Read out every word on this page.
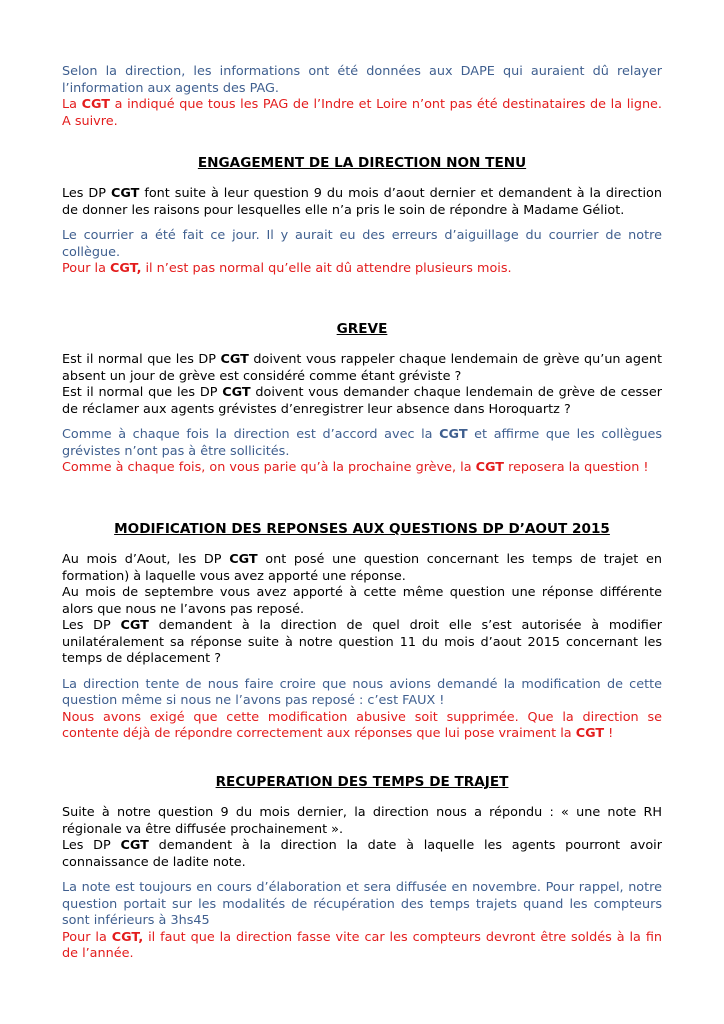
Selon la direction, les informations ont été données aux DAPE qui auraient dû relayer l’information aux agents des PAG.

La CGT a indiqué que tous les PAG de l’Indre et Loire n’ont pas été destinataires de la ligne. A suivre.

ENGAGEMENT DE LA DIRECTION NON TENU

Les DP CGT font suite à leur question 9 du mois d’aout dernier et demandent à la direction de donner les raisons pour lesquelles elle n’a pris le soin de répondre à Madame Géliot.

Le courrier a été fait ce jour. Il y aurait eu des erreurs d’aiguillage du courrier de notre collègue.

Pour la CGT, il n’est pas normal qu’elle ait dû attendre plusieurs mois.

GREVE

Est il normal que les DP CGT doivent vous rappeler chaque lendemain de grève qu’un agent absent un jour de grève est considéré comme étant gréviste ?

Est il normal que les DP CGT doivent vous demander chaque lendemain de grève de cesser de réclamer aux agents grévistes d’enregistrer leur absence dans Horoquartz ?

Comme à chaque fois la direction est d’accord avec la CGT et affirme que les collègues grévistes n’ont pas à être sollicités.

Comme à chaque fois, on vous parie qu’à la prochaine grève, la CGT reposera la question !

MODIFICATION DES REPONSES AUX QUESTIONS DP D’AOUT 2015

Au mois d’Aout, les DP CGT ont posé une question concernant les temps de trajet en formation) à laquelle vous avez apporté une réponse.

Au mois de septembre vous avez apporté à cette même question une réponse différente alors que nous ne l’avons pas reposé.

Les DP CGT demandent à la direction de quel droit elle s’est autorisée à modifier unilatéralement sa réponse suite à notre question 11 du mois d’aout 2015 concernant les temps de déplacement ?

La direction tente de nous faire croire que nous avions demandé la modification de cette question même si nous ne l’avons pas reposé : c’est FAUX !

Nous avons exigé que cette modification abusive soit supprimée. Que la direction se contente déjà de répondre correctement aux réponses que lui pose vraiment la CGT !

RECUPERATION DES TEMPS DE TRAJET

Suite à notre question 9 du mois dernier, la direction nous a répondu : « une note RH régionale va être diffusée prochainement ».

Les DP CGT demandent à la direction la date à laquelle les agents pourront avoir connaissance de ladite note.

La note est toujours en cours d’élaboration et sera diffusée en novembre. Pour rappel, notre question portait sur les modalités de récupération des temps trajets quand les compteurs sont inférieurs à 3hs45

Pour la CGT, il faut que la direction fasse vite car les compteurs devront être soldés à la fin de l’année.
